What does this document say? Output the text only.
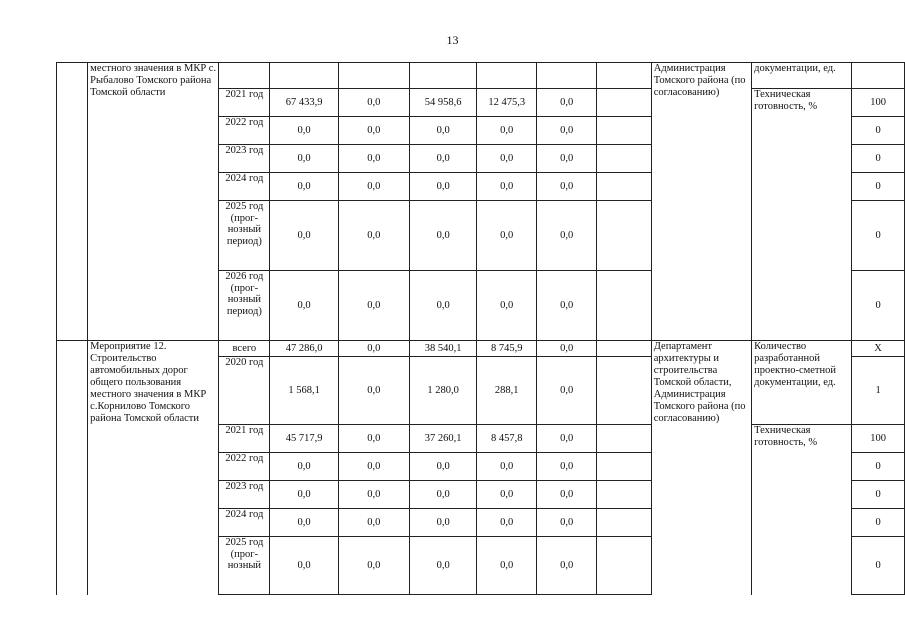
13
	местного значения в МКР с. Рыбалово Томского района Томской области								Администрация Томского района (по согласованию)	документации, ед.	
		2021 год	67 433,9	0,0	54 958,6	12 475,3	0,0			Техническая готовность, %	100
		2022 год	0,0	0,0	0,0	0,0	0,0				0
		2023 год	0,0	0,0	0,0	0,0	0,0				0
		2024 год	0,0	0,0	0,0	0,0	0,0				0
		2025 год (прог-нозный период)	0,0	0,0	0,0	0,0	0,0				0
		2026 год (прог-нозный период)	0,0	0,0	0,0	0,0	0,0				0
	Мероприятие 12. Строительство автомобильных дорог общего пользования местного значения в МКР с.Корнилово Томского района Томской области	всего	47 286,0	0,0	38 540,1	8 745,9	0,0		Департамент архитектуры и строительства Томской области, Администрация Томского района (по согласованию)	Количество разработанной проектно-сметной документации, ед.	Х
		2020 год	1 568,1	0,0	1 280,0	288,1	0,0				1
		2021 год	45 717,9	0,0	37 260,1	8 457,8	0,0			Техническая готовность, %	100
		2022 год	0,0	0,0	0,0	0,0	0,0				0
		2023 год	0,0	0,0	0,0	0,0	0,0				0
		2024 год	0,0	0,0	0,0	0,0	0,0				0
		2025 год (прог-нозный	0,0	0,0	0,0	0,0	0,0				0
